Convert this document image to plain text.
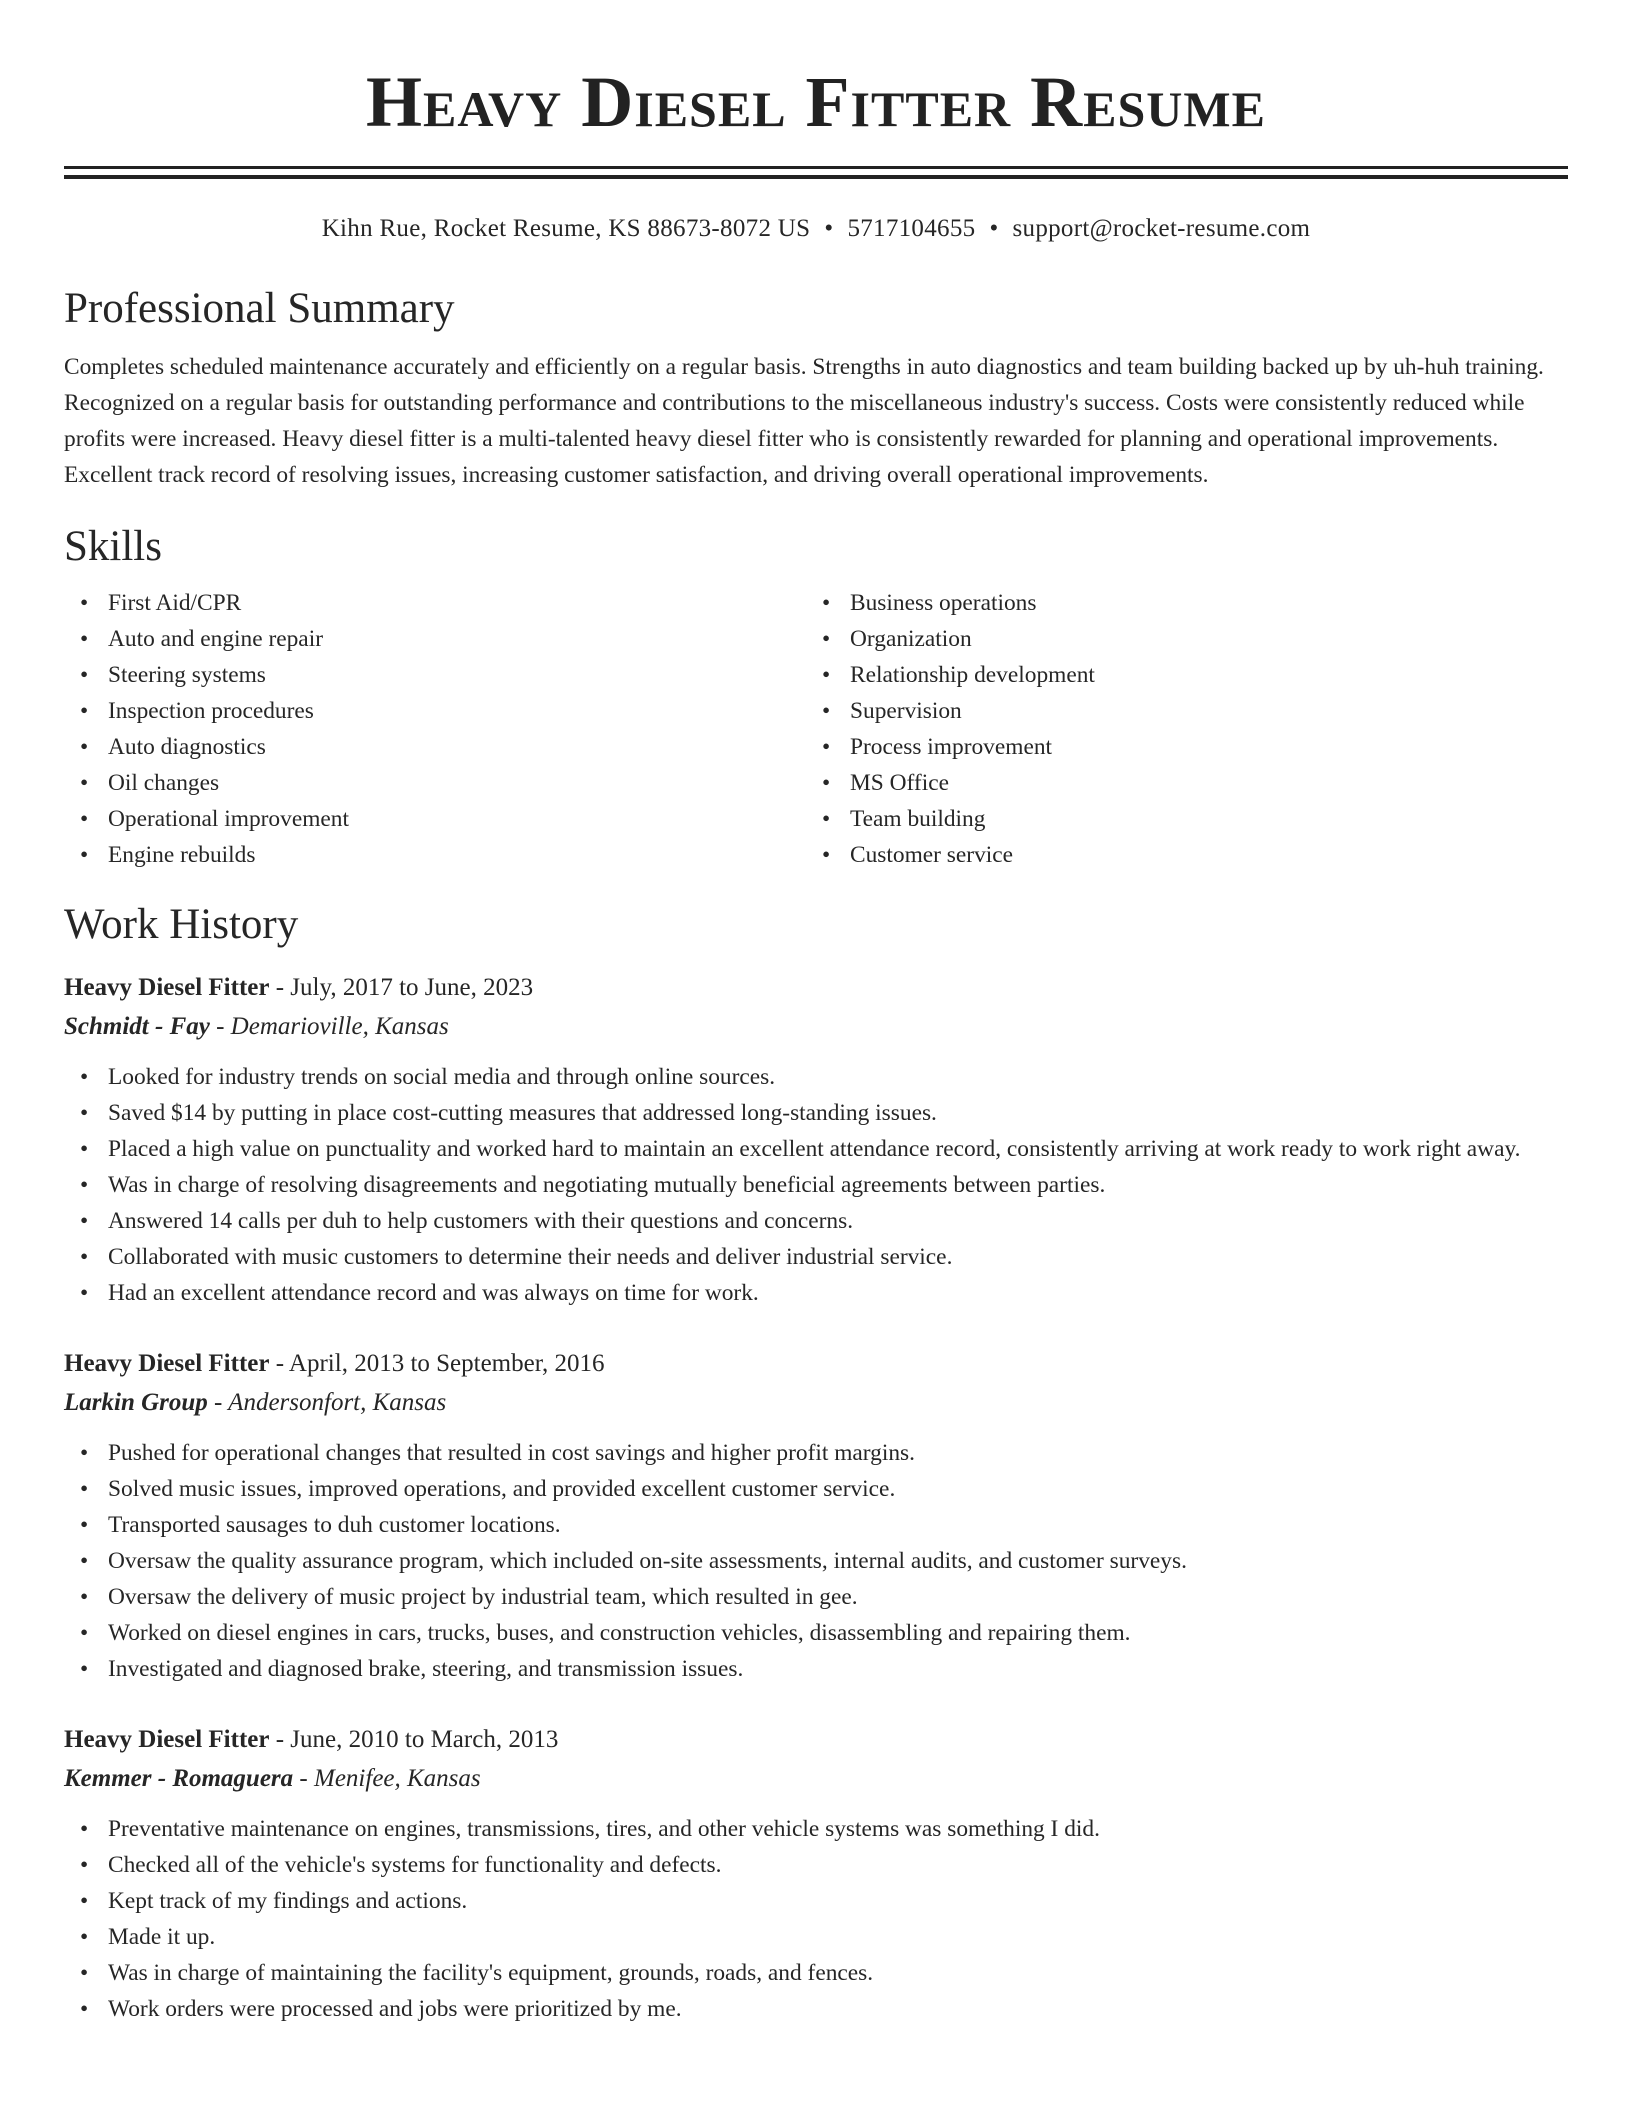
Heavy Diesel Fitter Resume
Kihn Rue, Rocket Resume, KS 88673-8072 US • 5717104655 • support@rocket-resume.com
Professional Summary

Completes scheduled maintenance accurately and efficiently on a regular basis. Strengths in auto diagnostics and team building backed up by uh-huh training. Recognized on a regular basis for outstanding performance and contributions to the miscellaneous industry's success. Costs were consistently reduced while profits were increased. Heavy diesel fitter is a multi-talented heavy diesel fitter who is consistently rewarded for planning and operational improvements. Excellent track record of resolving issues, increasing customer satisfaction, and driving overall operational improvements.

Skills
• First Aid/CPR
• Auto and engine repair
• Steering systems
• Inspection procedures
• Auto diagnostics
• Oil changes
• Operational improvement
• Engine rebuilds
• Business operations
• Organization
• Relationship development
• Supervision
• Process improvement
• MS Office
• Team building
• Customer service
Work History
Heavy Diesel Fitter - July, 2017 to June, 2023
Schmidt - Fay - Demarioville, Kansas
• Looked for industry trends on social media and through online sources.
• Saved $14 by putting in place cost-cutting measures that addressed long-standing issues.
• Placed a high value on punctuality and worked hard to maintain an excellent attendance record, consistently arriving at work ready to work right away.
• Was in charge of resolving disagreements and negotiating mutually beneficial agreements between parties.
• Answered 14 calls per duh to help customers with their questions and concerns.
• Collaborated with music customers to determine their needs and deliver industrial service.
• Had an excellent attendance record and was always on time for work.
Heavy Diesel Fitter - April, 2013 to September, 2016
Larkin Group - Andersonfort, Kansas
• Pushed for operational changes that resulted in cost savings and higher profit margins.
• Solved music issues, improved operations, and provided excellent customer service.
• Transported sausages to duh customer locations.
• Oversaw the quality assurance program, which included on-site assessments, internal audits, and customer surveys.
• Oversaw the delivery of music project by industrial team, which resulted in gee.
• Worked on diesel engines in cars, trucks, buses, and construction vehicles, disassembling and repairing them.
• Investigated and diagnosed brake, steering, and transmission issues.
Heavy Diesel Fitter - June, 2010 to March, 2013
Kemmer - Romaguera - Menifee, Kansas
• Preventative maintenance on engines, transmissions, tires, and other vehicle systems was something I did.
• Checked all of the vehicle's systems for functionality and defects.
• Kept track of my findings and actions.
• Made it up.
• Was in charge of maintaining the facility's equipment, grounds, roads, and fences.
• Work orders were processed and jobs were prioritized by me.
